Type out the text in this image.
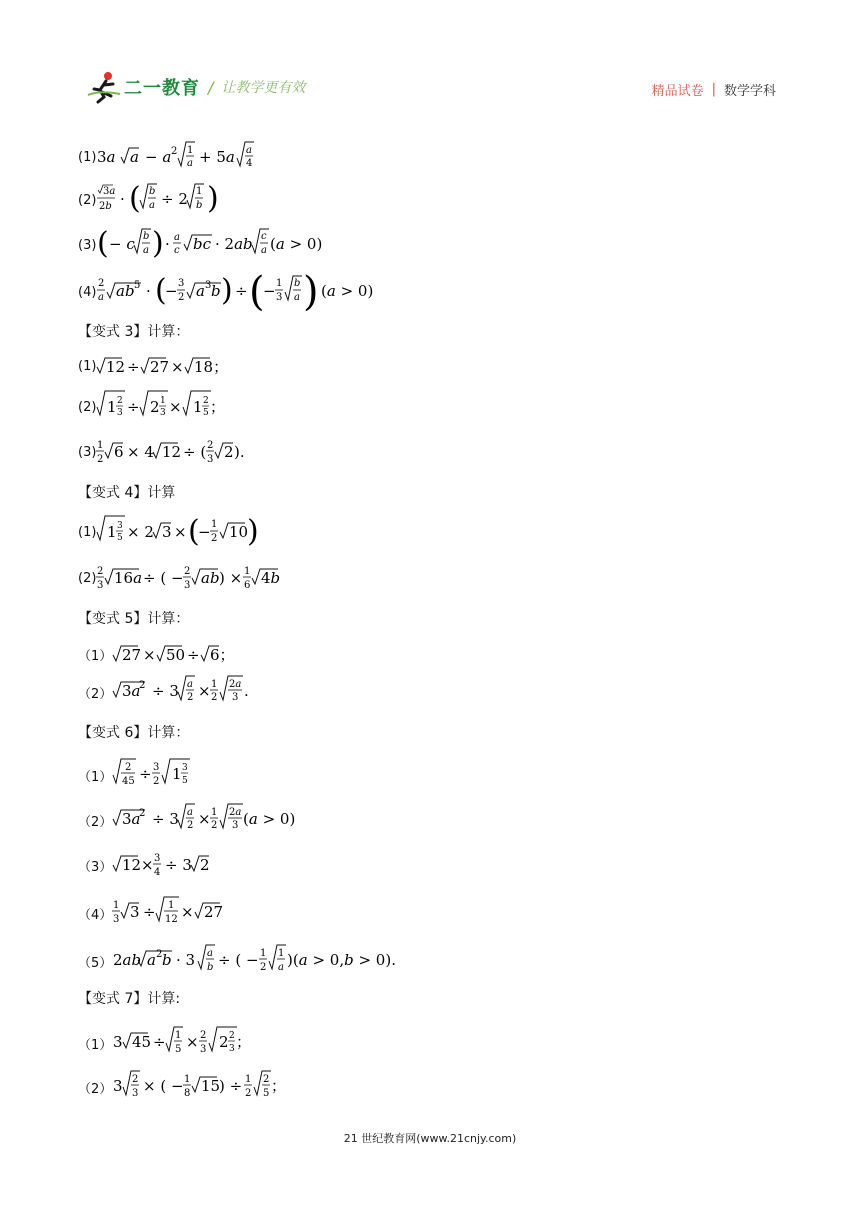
二一教育 / 让教学更有效	精品试卷 | 数学学科
(1) 3a a − a 2 1
a + 5a a
4
(2)
3a
2b · ( b
a ÷ 2 1
b )
(3) ( − c b
a ) · a
c bc · 2ab c
a (a > 0)
(4)
2
a ab 5 · (
− 3
2 a 3 b ) ÷ (
− 1
3
b
a ) (a > 0)
【变式 3】计算：
(1) 12 ÷ 27 × 18；
(2) 1 2
3 ÷ 2 1
3 × 1 2
5 ；
(3) 1
2 6 × 4 12 ÷ ( 2
3 2 ).
【变式 4】计算
(1) 1 3
5 × 2 3 × (
− 1
2 10
)
(2) 2
3 16a ÷ ( − 2
3 ab ) × 1
6 4b
【变式 5】计算：
（1） 27 × 50 ÷ 6；
（2） 3a
2 ÷ 3 a
2 × 1
2
2a
3 .
【变式 6】计算：
（1）
2
45 ÷ 3
2 1 3
5
（2） 3a
2 ÷ 3 a
2 × 1
2
2a
3 (a > 0)
（3） 12 × 3
4 ÷ 3 2
（4）
1
3 3 ÷ 1
12 × 27
（5） 2ab a 2 b · 3 a
b ÷ ( − 1
2
1
a )(a > 0,b > 0).
【变式 7】计算:
（1） 3 45 ÷ 1
5 × 2
3 2 2
3 ；
（2） 3 2
3 × ( − 1
8 15
) ÷ 1
2
2
5 ；
21 世纪教育网(www.21cnjy.com)
